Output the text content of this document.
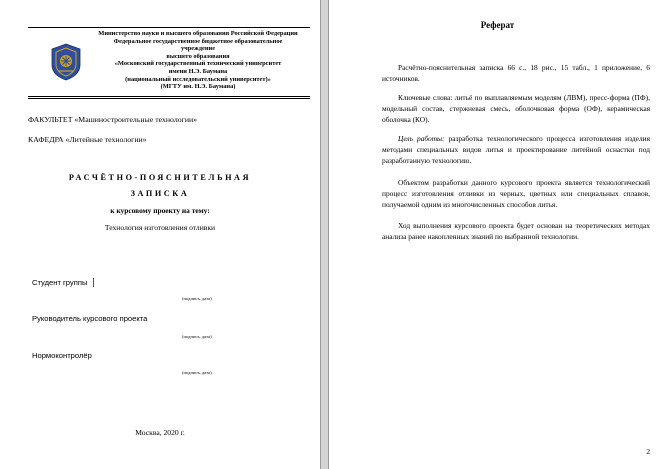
Министерство науки и высшего образования Российской Федерации
Федеральное государственное бюджетное образовательное
учреждение
высшего образования
«Московский государственный технический университет
имени Н.Э. Баумана
(национальный исследовательский университет)»
(МГТУ им. Н.Э. Баумана)
ФАКУЛЬТЕТ «Машиностроительные технологии»
КАФЕДРА «Литейные технологии»
РАСЧЁТНО-ПОЯСНИТЕЛЬНАЯ
ЗАПИСКА
к курсовому проекту на тему:
Технология изготовления отливки
Студент группы
(подпись, дата)
Руководитель курсового проекта
(подпись, дата)
Нормоконтролёр
(подпись, дата)
Москва, 2020 г.
Реферат

Расчётно-пояснительная записка 66 с., 18 рис., 15 табл., 1 приложение, 6 источников.

Ключевые слова: литьё по выплавляемым моделям (ЛВМ), пресс-форма (ПФ), модельный состав, стержневая смесь, оболочковая форма (ОФ), керамическая оболочка (КО).

Цель работы: разработка технологического процесса изготовления изделия методами специальных видов литья и проектирование литейной оснастки под разработанную технологию.

Объектом разработки данного курсового проекта является технологический процесс изготовления отливки из черных, цветных или специальных сплавов, получаемой одним из многочисленных способов литья.

Ход выполнения курсового проекта будет основан на теоретических методах анализа ранее накопленных знаний по выбранной технологии.

2
